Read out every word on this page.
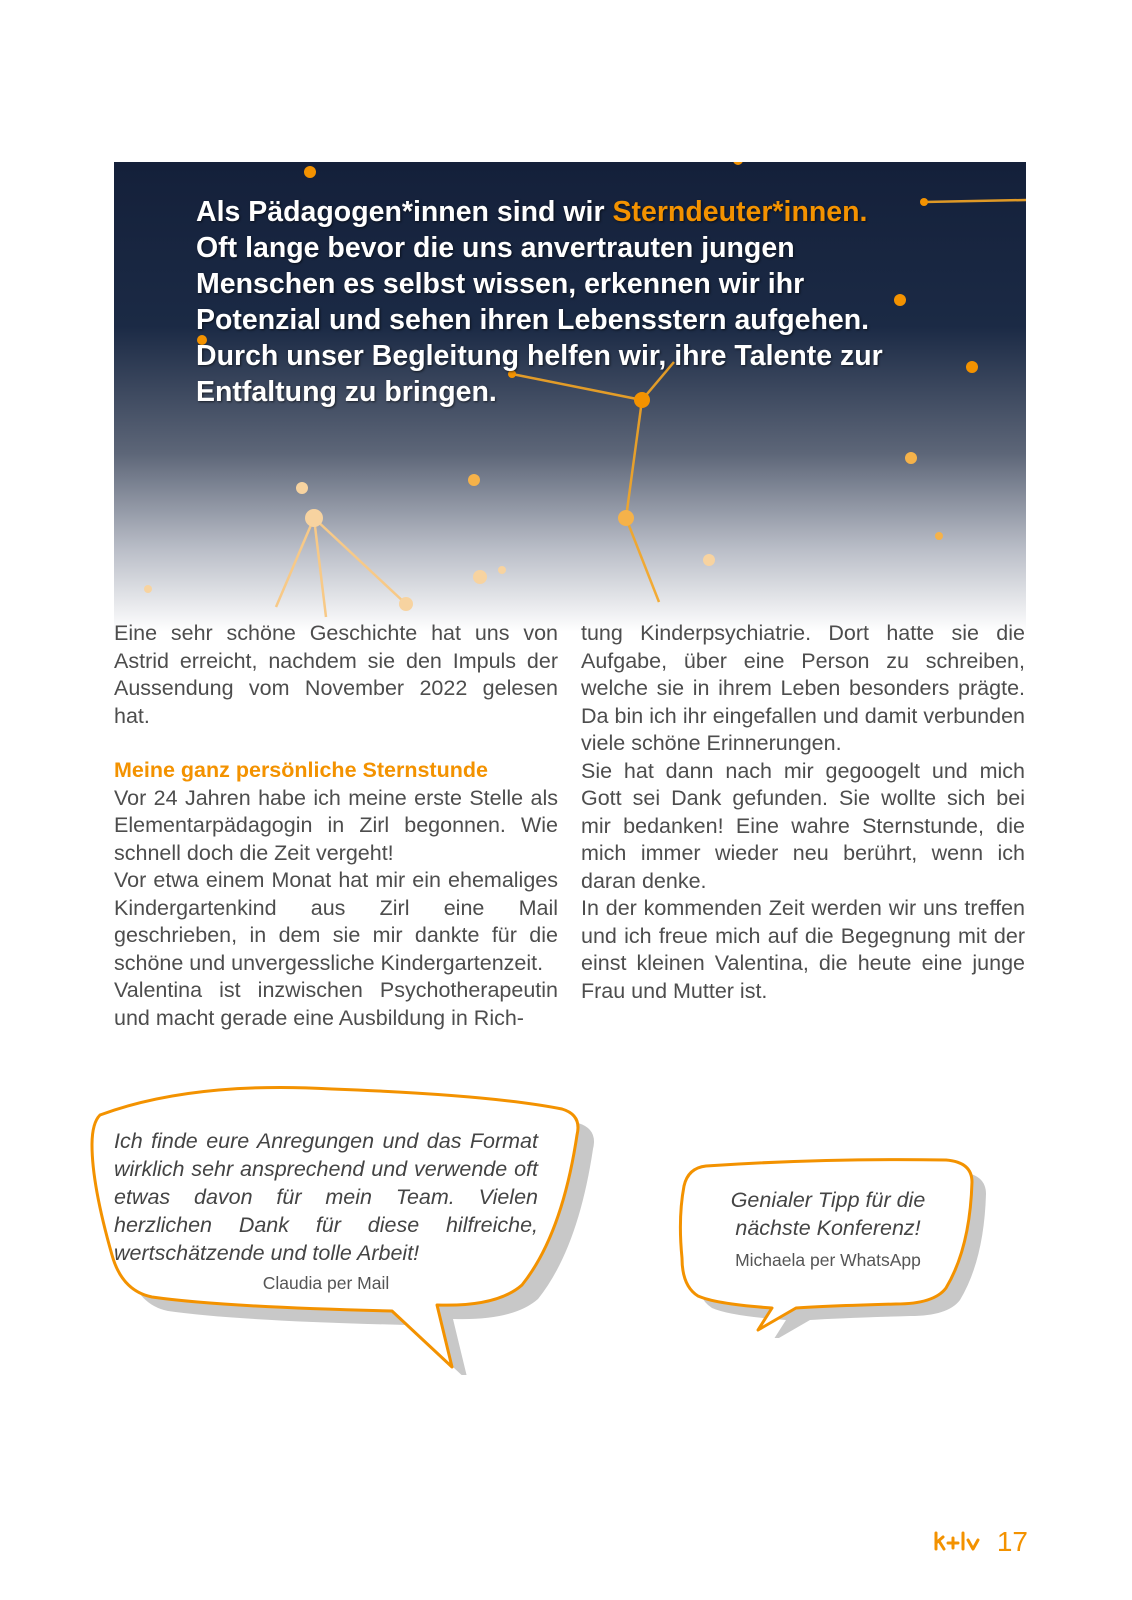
Als Pädagogen*innen sind wir Sterndeuter*innen.
Oft lange bevor die uns anvertrauten jungen
Menschen es selbst wissen, erkennen wir ihr
Potenzial und sehen ihren Lebensstern aufgehen.
Durch unser Begleitung helfen wir, ihre Talente zur
Entfaltung zu bringen.

Eine sehr schöne Geschichte hat uns von Astrid erreicht, nachdem sie den Impuls der Aussendung vom November 2022 gelesen hat.

Meine ganz persönliche Sternstunde

Vor 24 Jahren habe ich meine erste Stelle als Elementarpädagogin in Zirl begonnen. Wie schnell doch die Zeit vergeht!

Vor etwa einem Monat hat mir ein ehemaliges Kindergartenkind aus Zirl eine Mail geschrieben, in dem sie mir dankte für die schöne und unvergessliche Kindergartenzeit.

Valentina ist inzwischen Psychotherapeutin und macht gerade eine Ausbildung in Rich-

tung Kinderpsychiatrie. Dort hatte sie die Aufgabe, über eine Person zu schreiben, welche sie in ihrem Leben besonders prägte. Da bin ich ihr eingefallen und damit verbunden viele schöne Erinnerungen.

Sie hat dann nach mir gegoogelt und mich Gott sei Dank gefunden. Sie wollte sich bei mir bedanken! Eine wahre Sternstunde, die mich immer wieder neu berührt, wenn ich daran denke.

In der kommenden Zeit werden wir uns treffen und ich freue mich auf die Begegnung mit der einst kleinen Valentina, die heute eine junge Frau und Mutter ist.

Ich finde eure Anregungen und das Format wirklich sehr ansprechend und verwende oft etwas davon für mein Team. Vielen herzlichen Dank für diese hilfreiche, wertschätzende und tolle Arbeit!

Claudia per Mail

Genialer Tipp für die nächste Konferenz!

Michaela per WhatsApp

17
